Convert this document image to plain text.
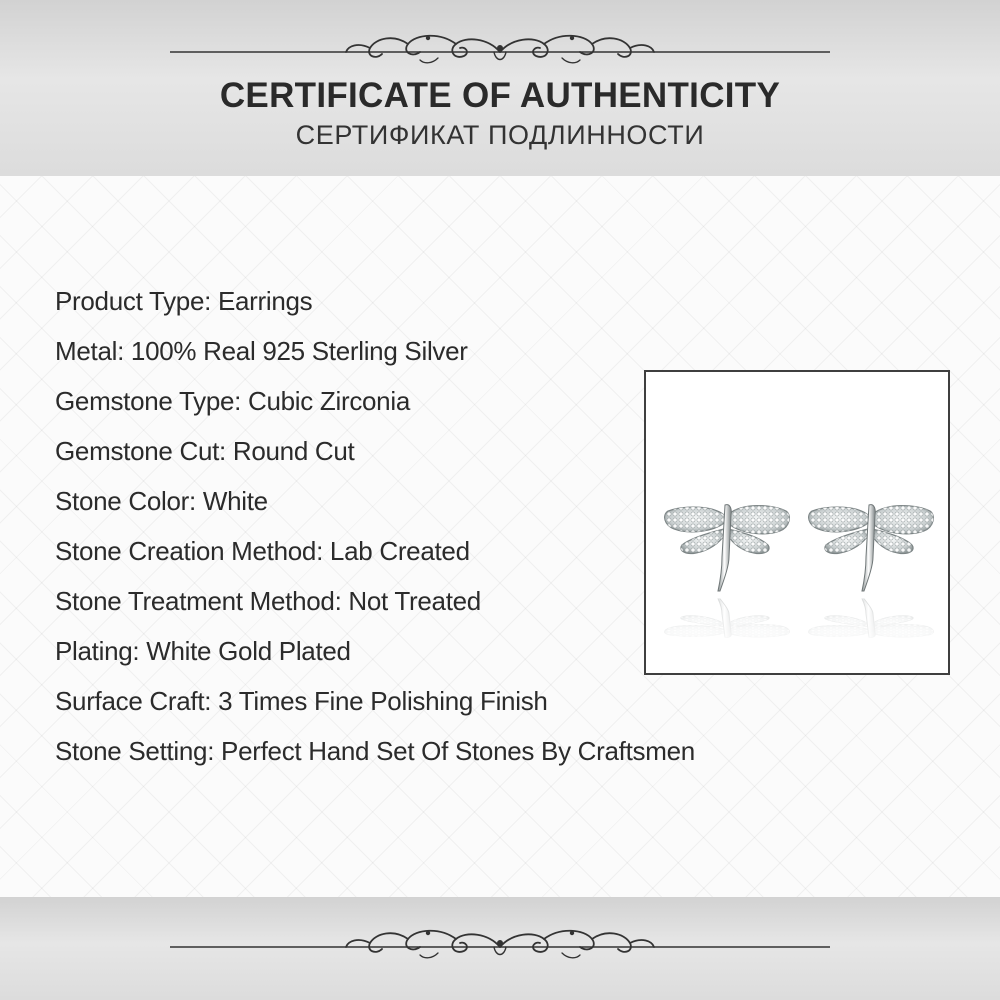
CERTIFICATE OF AUTHENTICITY
СЕРТИФИКАТ ПОДЛИННОСТИ
Product Type: Earrings
Metal: 100% Real 925 Sterling Silver
Gemstone Type: Cubic Zirconia
Gemstone Cut: Round Cut
Stone Color: White
Stone Creation Method: Lab Created
Stone Treatment Method: Not Treated
Plating: White Gold Plated
Surface Craft: 3 Times Fine Polishing Finish
Stone Setting: Perfect Hand Set Of Stones By Craftsmen
